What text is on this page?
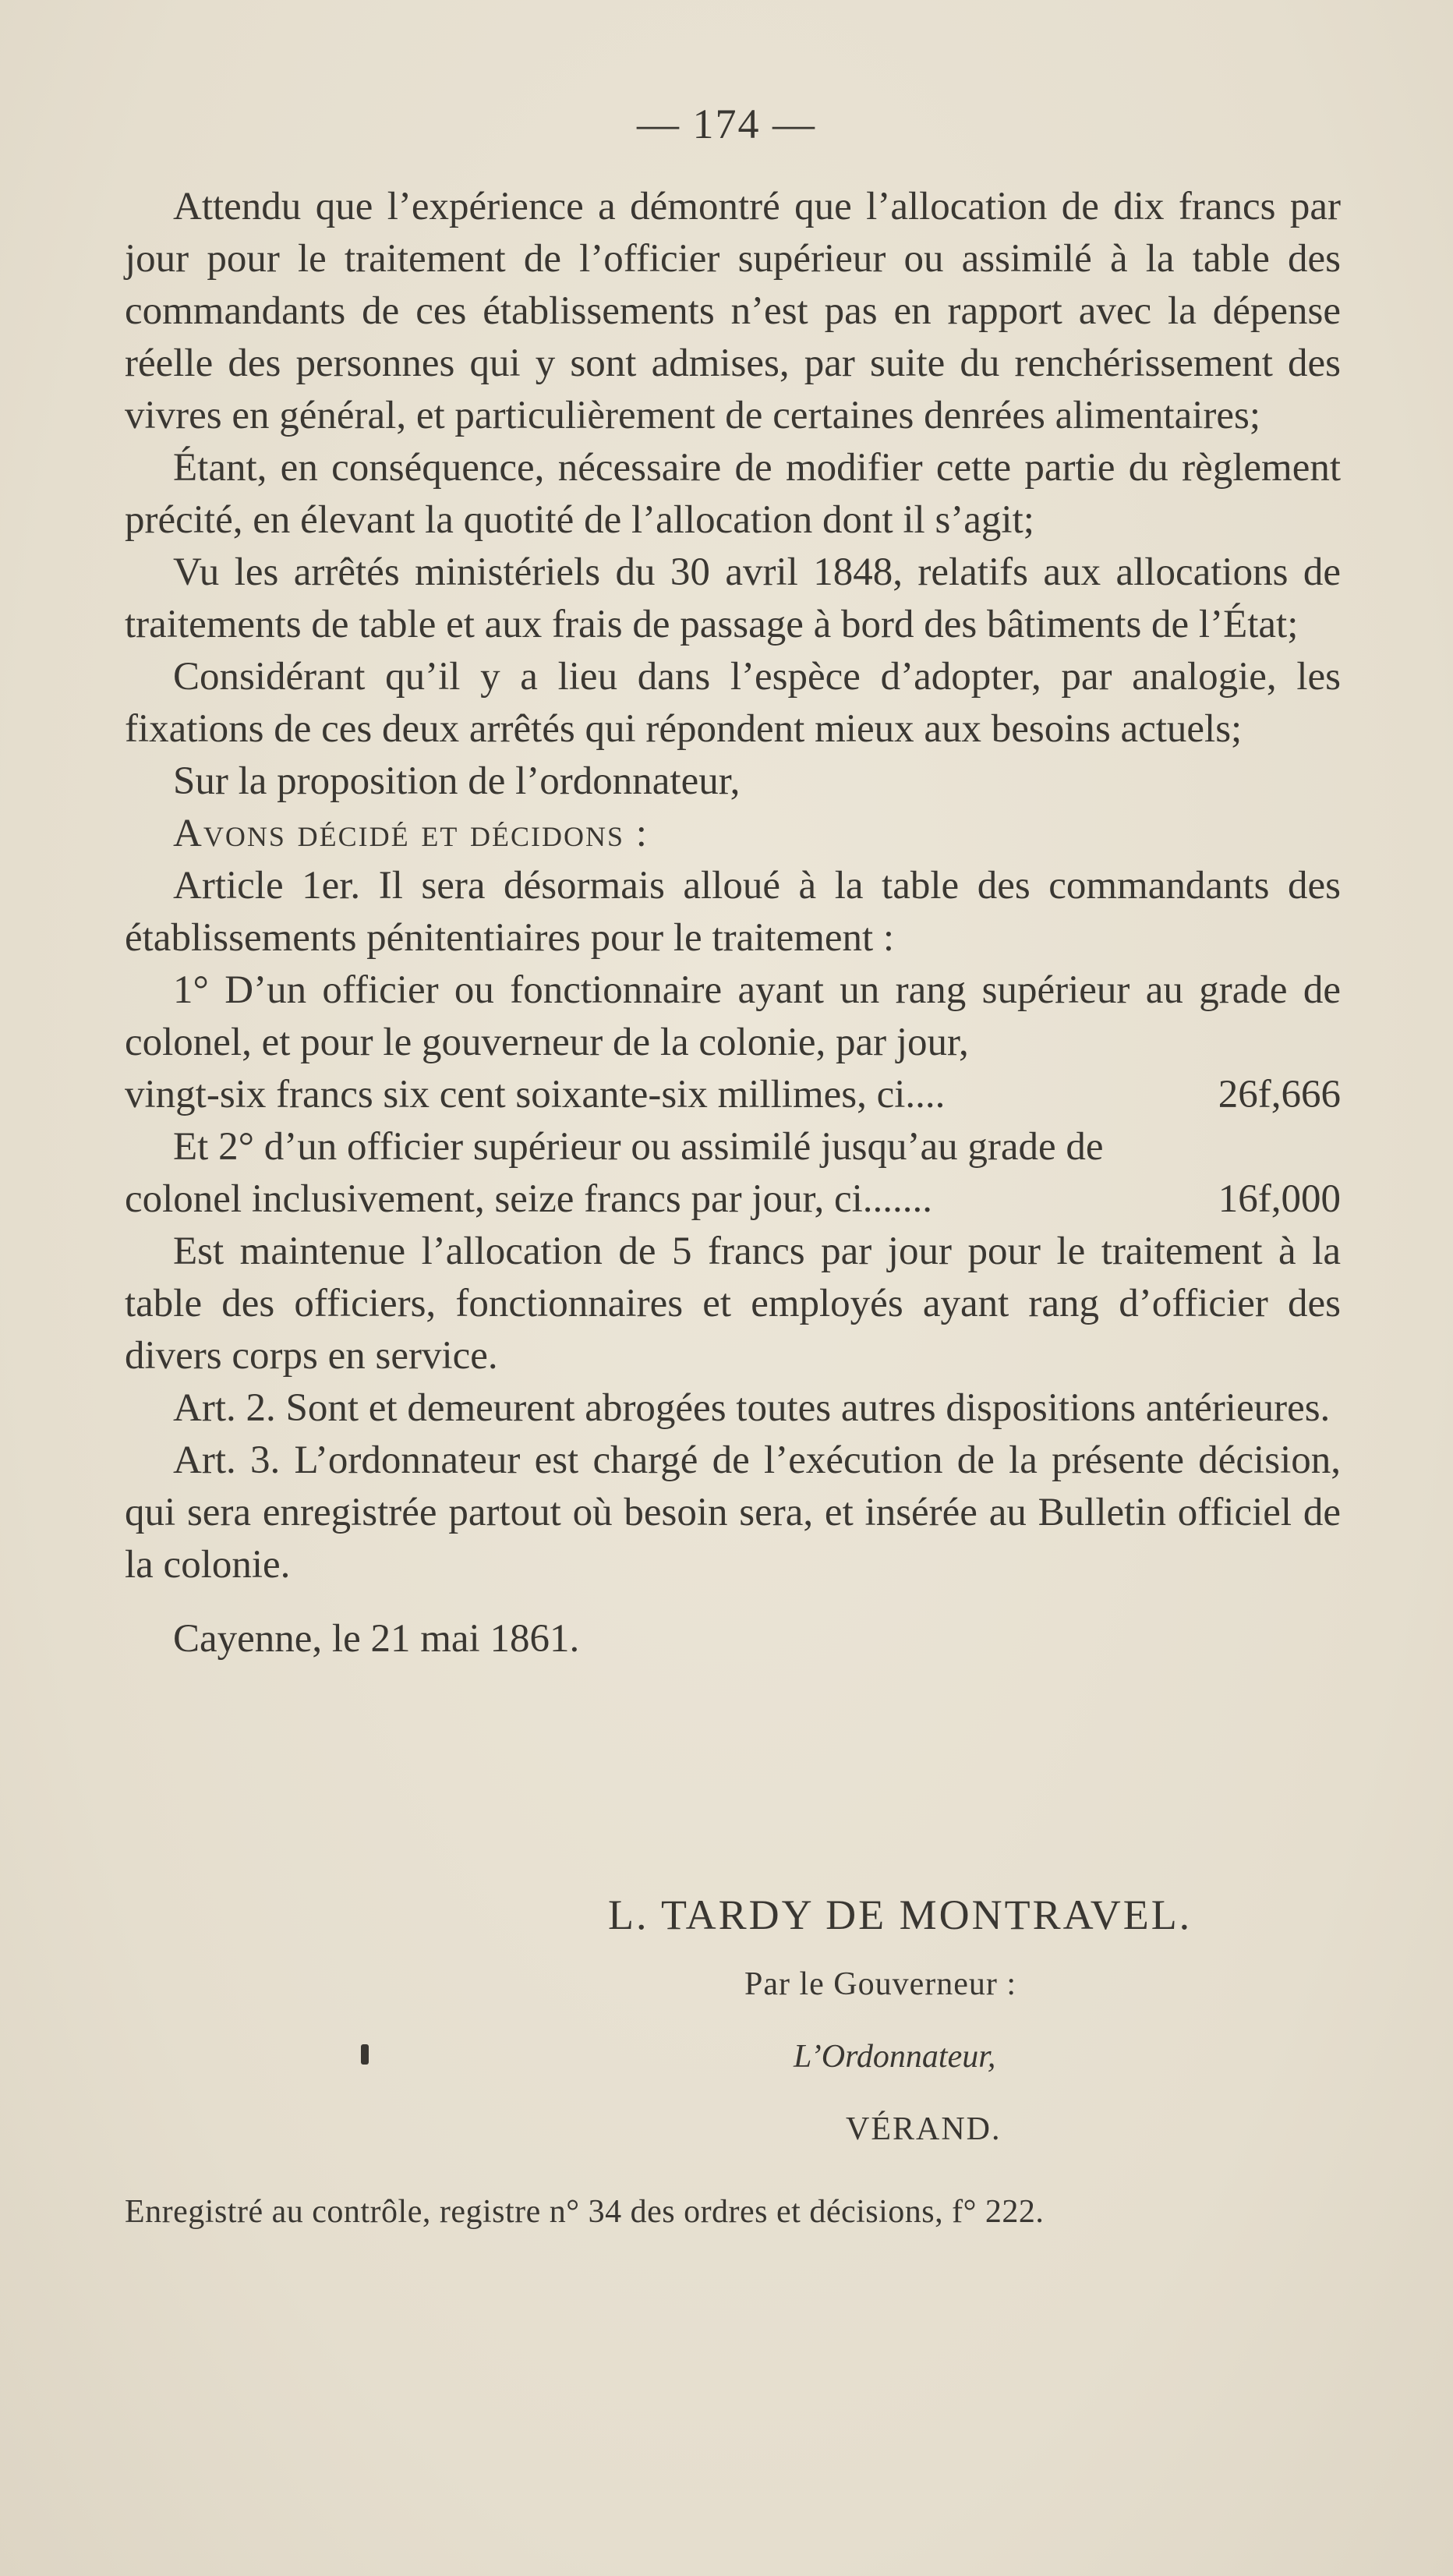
— 174 —

Attendu que l’expérience a démontré que l’allocation de dix francs par jour pour le traitement de l’officier supérieur ou assimilé à la table des commandants de ces établissements n’est pas en rapport avec la dépense réelle des personnes qui y sont admises, par suite du renchérissement des vivres en général, et particulièrement de certaines denrées alimentaires;

Étant, en conséquence, nécessaire de modifier cette partie du règlement précité, en élevant la quotité de l’allocation dont il s’agit;

Vu les arrêtés ministériels du 30 avril 1848, relatifs aux allocations de traitements de table et aux frais de passage à bord des bâtiments de l’État;

Considérant qu’il y a lieu dans l’espèce d’adopter, par analogie, les fixations de ces deux arrêtés qui répondent mieux aux besoins actuels;

Sur la proposition de l’ordonnateur,

Avons décidé et décidons :

Article 1er. Il sera désormais alloué à la table des commandants des établissements pénitentiaires pour le traitement :

1° D’un officier ou fonctionnaire ayant un rang supérieur au grade de colonel, et pour le gouverneur de la colonie, par jour,

vingt-six francs six cent soixante-six millimes, ci....	26f,666

Et 2° d’un officier supérieur ou assimilé jusqu’au grade de

colonel inclusivement, seize francs par jour, ci.......	16f,000

Est maintenue l’allocation de 5 francs par jour pour le traitement à la table des officiers, fonctionnaires et employés ayant rang d’officier des divers corps en service.

Art. 2. Sont et demeurent abrogées toutes autres dispositions antérieures.

Art. 3. L’ordonnateur est chargé de l’exécution de la présente décision, qui sera enregistrée partout où besoin sera, et insérée au Bulletin officiel de la colonie.

Cayenne, le 21 mai 1861.

L. TARDY DE MONTRAVEL.
Par le Gouverneur :
L’Ordonnateur,
VÉRAND.
Enregistré au contrôle, registre n° 34 des ordres et décisions, f° 222.
